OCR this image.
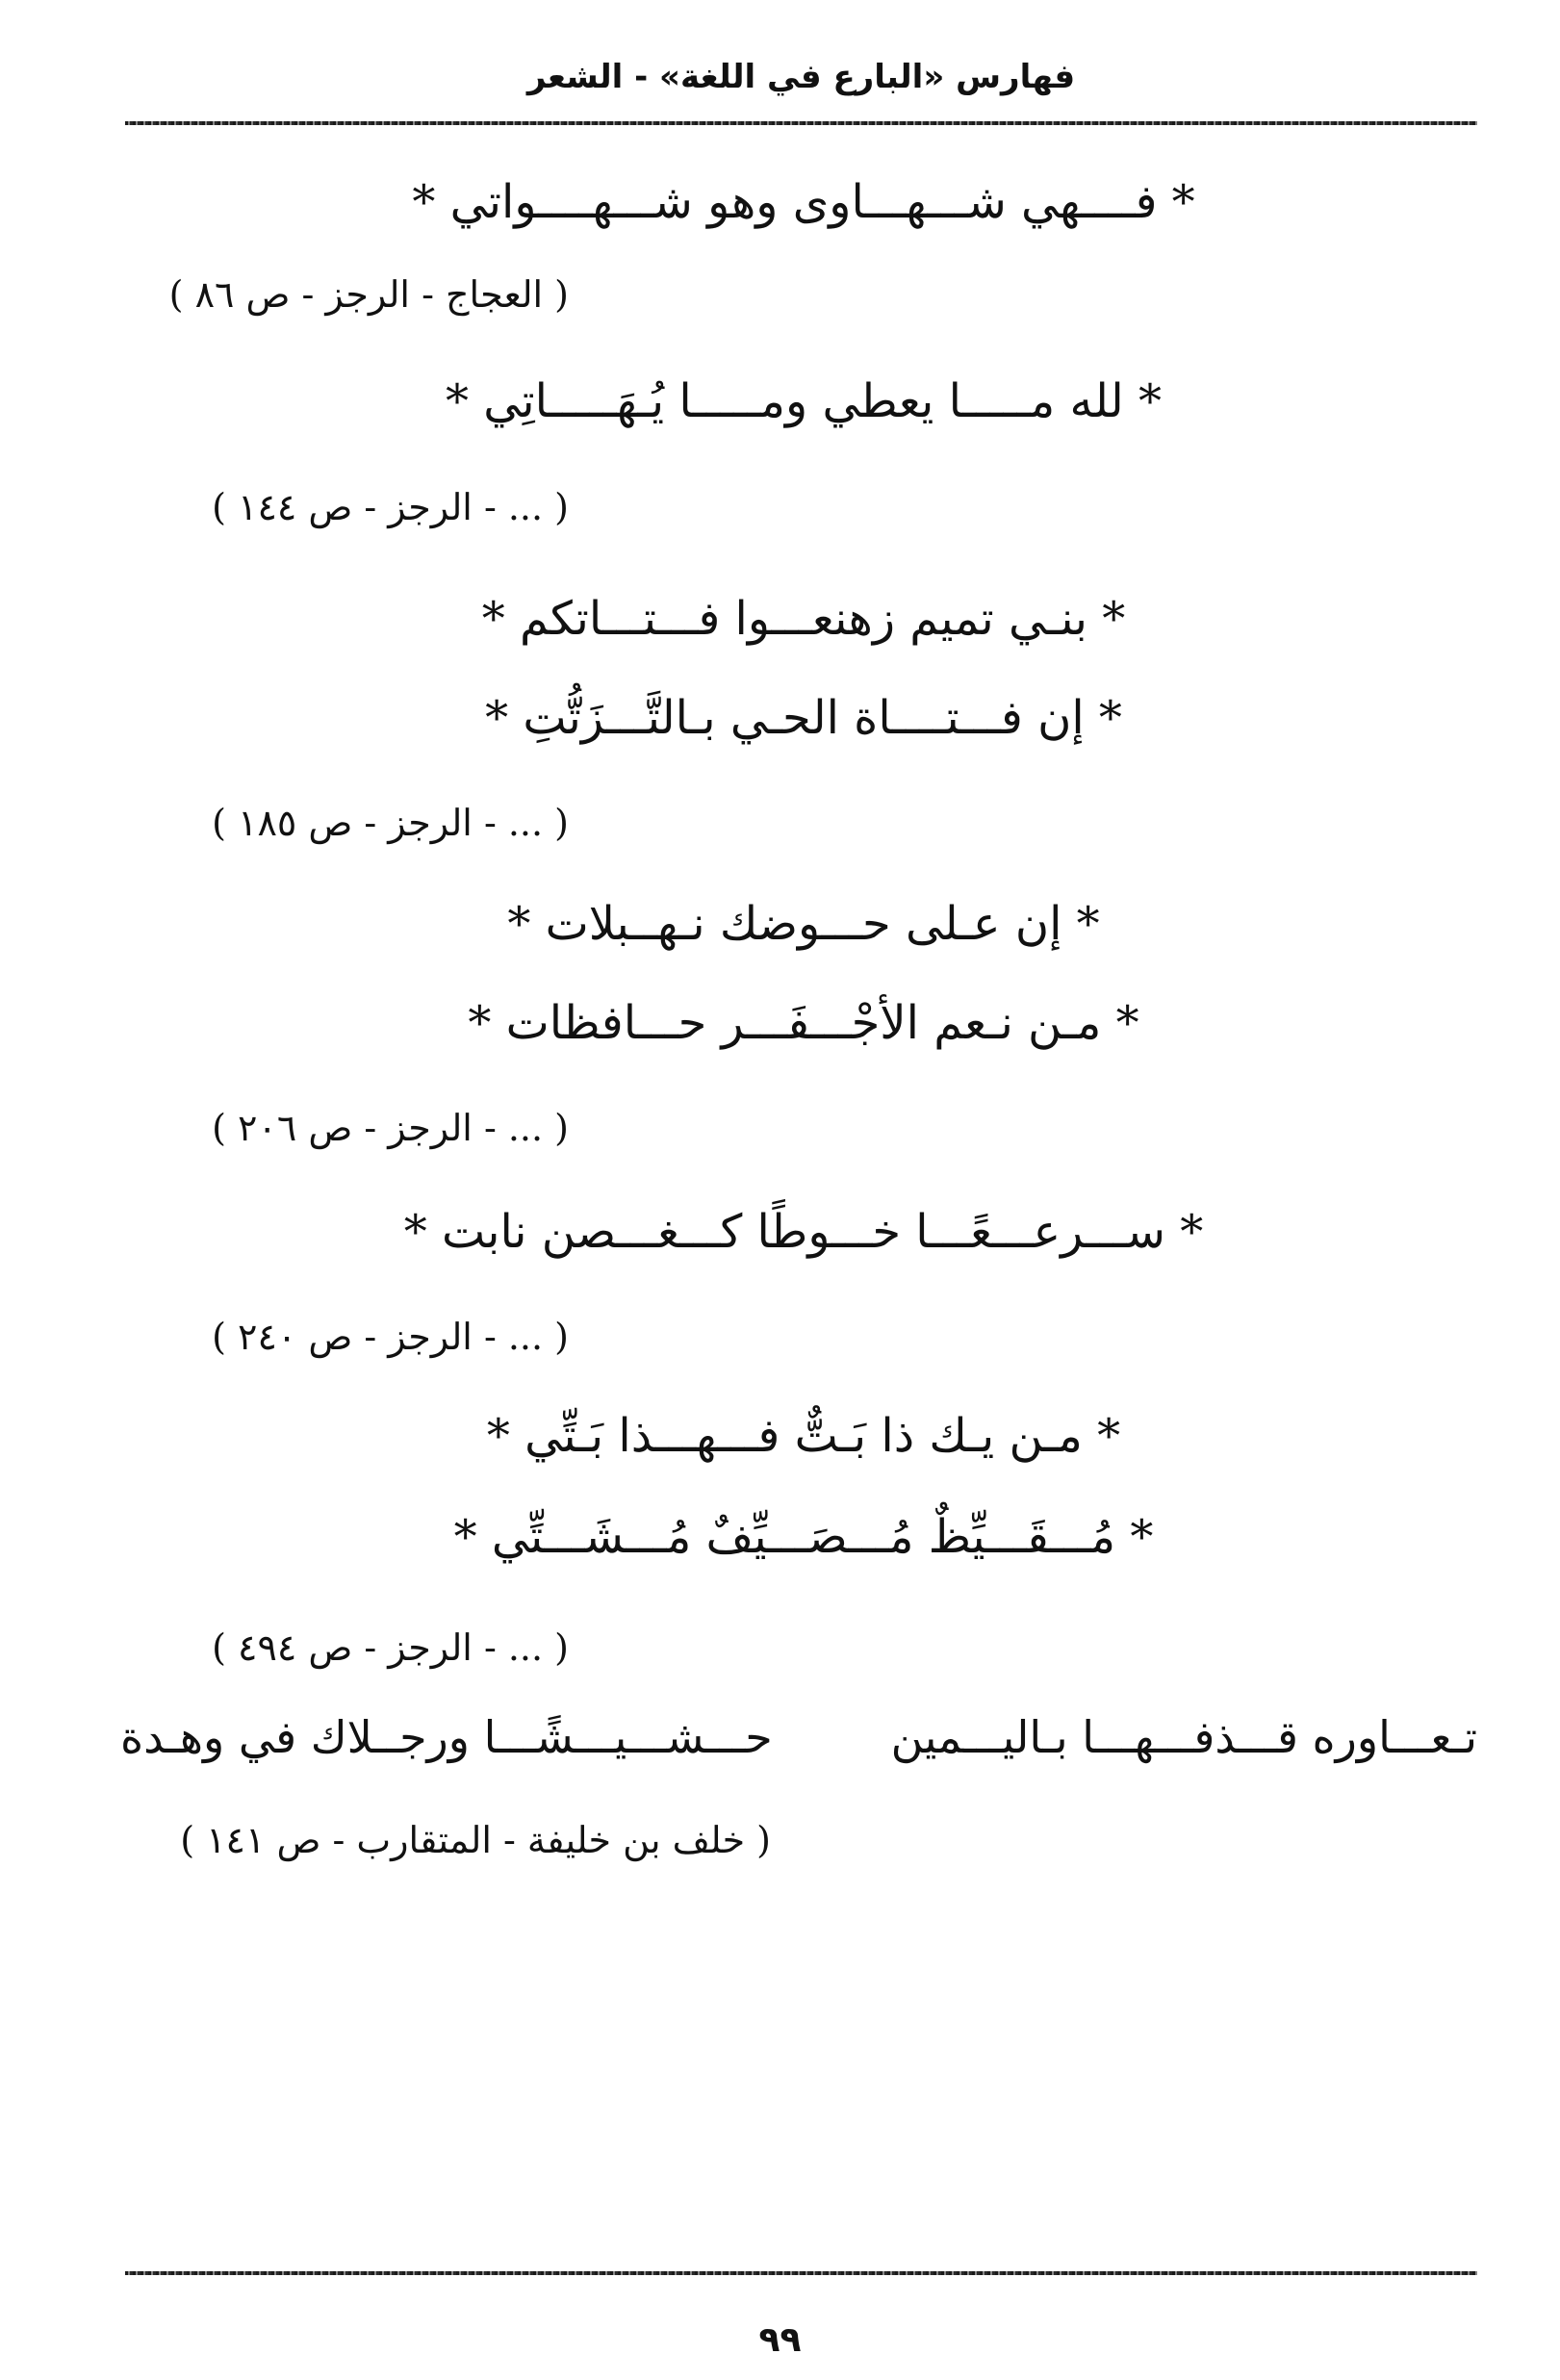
فهارس «البارع في اللغة» - الشعر
* فــــهي شـــهـــاوى وهو شـــهــــواتي *
( العجاج - الرجز - ص ٨٦ )
* لله مـــــا يعطي ومـــــا يُـهَـــــاتِي *
( ... - الرجز - ص ١٤٤ )
* بنـي تميم زهنعـــوا فـــتـــاتكم *
* إن فـــتــــاة الحـي بـالتَّـــزَتُّتِ *
( ... - الرجز - ص ١٨٥ )
* إن عـلى حـــوضك نـهــبلات *
* مـن نـعم الأجْـــفَـــر حـــافظات *
( ... - الرجز - ص ٢٠٦ )
* ســـرعـــعًـــا خـــوطًا كـــغـــصن نابت *
( ... - الرجز - ص ٢٤٠ )
* مـن يـك ذا بَـتٌّ فـــهـــذا بَـتِّي *
* مُـــقَـــيِّظٌ مُـــصَـــيِّفٌ مُـــشَـــتِّي *
( ... - الرجز - ص ٤٩٤ )
تـعـــاوره قـــذفـــهـــا بـاليـــمين
حـــشـــيـــشًـــا ورجــلاك في وهـدة
( خلف بن خليفة - المتقارب - ص ١٤١ )
٩٩
